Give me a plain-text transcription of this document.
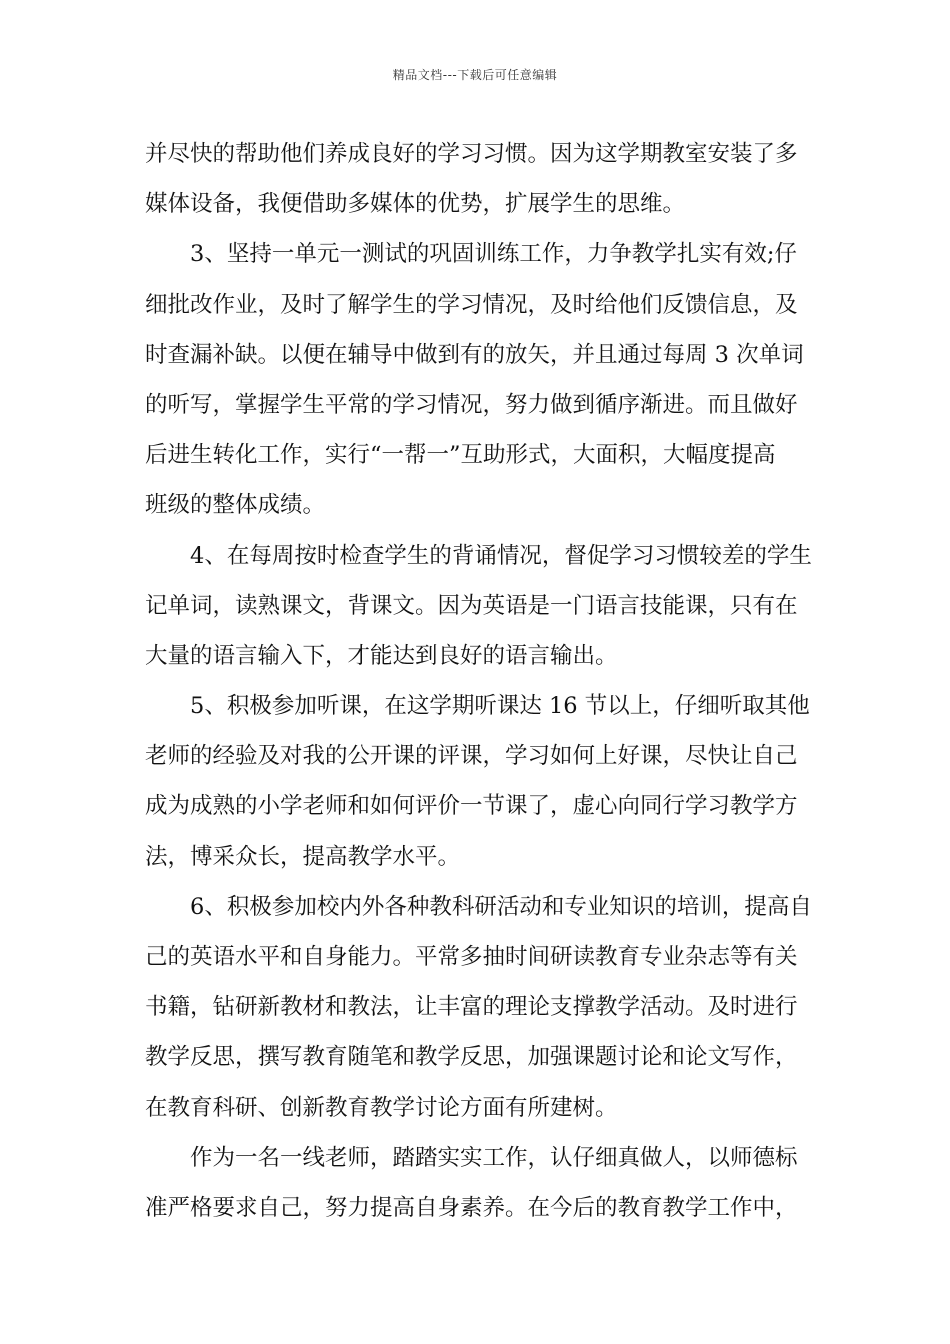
精品文档---下载后可任意编辑
并尽快的帮助他们养成良好的学习习惯。因为这学期教室安装了多
媒体设备，我便借助多媒体的优势，扩展学生的思维。
3、坚持一单元一测试的巩固训练工作，力争教学扎实有效;仔
细批改作业，及时了解学生的学习情况，及时给他们反馈信息，及
时查漏补缺。以便在辅导中做到有的放矢，并且通过每周 3 次单词
的听写，掌握学生平常的学习情况，努力做到循序渐进。而且做好
后进生转化工作，实行“一帮一”互助形式，大面积，大幅度提高
班级的整体成绩。
4、在每周按时检查学生的背诵情况，督促学习习惯较差的学生
记单词，读熟课文，背课文。因为英语是一门语言技能课，只有在
大量的语言输入下，才能达到良好的语言输出。
5、积极参加听课，在这学期听课达 16 节以上，仔细听取其他
老师的经验及对我的公开课的评课，学习如何上好课，尽快让自己
成为成熟的小学老师和如何评价一节课了，虚心向同行学习教学方
法，博采众长，提高教学水平。
6、积极参加校内外各种教科研活动和专业知识的培训，提高自
己的英语水平和自身能力。平常多抽时间研读教育专业杂志等有关
书籍，钻研新教材和教法，让丰富的理论支撑教学活动。及时进行
教学反思，撰写教育随笔和教学反思，加强课题讨论和论文写作，
在教育科研、创新教育教学讨论方面有所建树。
作为一名一线老师，踏踏实实工作，认仔细真做人，以师德标
准严格要求自己，努力提高自身素养。在今后的教育教学工作中，
